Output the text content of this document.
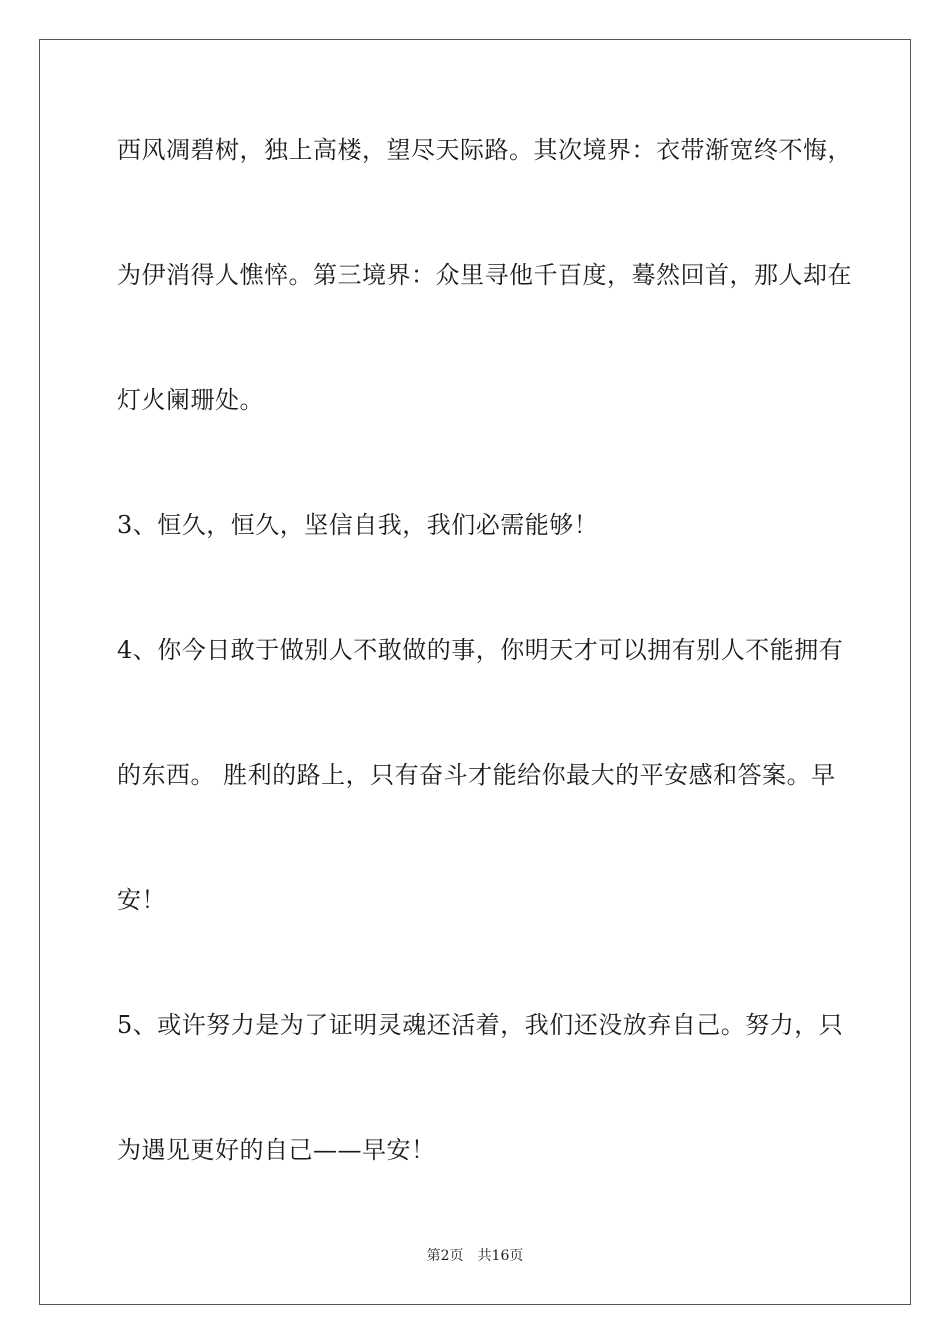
西风凋碧树，独上高楼，望尽天际路。其次境界：衣带渐宽终不悔，
为伊消得人憔悴。第三境界：众里寻他千百度，蓦然回首，那人却在
灯火阑珊处。
3、恒久，恒久，坚信自我，我们必需能够！
4、你今日敢于做别人不敢做的事，你明天才可以拥有别人不能拥有
的东西。 胜利的路上，只有奋斗才能给你最大的平安感和答案。早
安！
5、或许努力是为了证明灵魂还活着，我们还没放弃自己。努力，只
为遇见更好的自己——早安！
第2页 共16页
